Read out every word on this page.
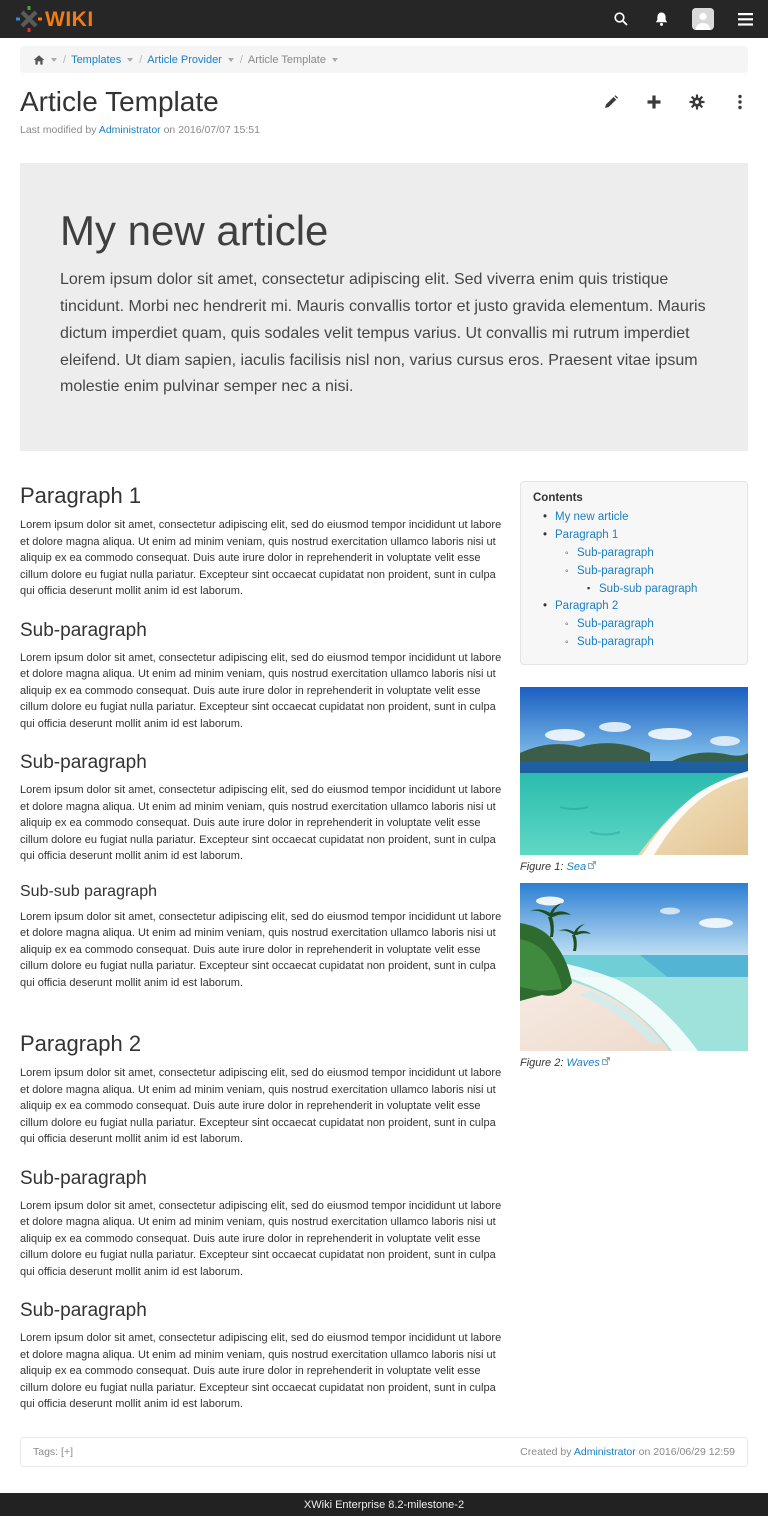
WIKI
/ Templates / Article Provider / Article Template
Article Template
Last modified by Administrator on 2016/07/07 15:51
My new article

Lorem ipsum dolor sit amet, consectetur adipiscing elit. Sed viverra enim quis tristique tincidunt. Morbi nec hendrerit mi. Mauris convallis tortor et justo gravida elementum. Mauris dictum imperdiet quam, quis sodales velit tempus varius. Ut convallis mi rutrum imperdiet eleifend. Ut diam sapien, iaculis facilisis nisl non, varius cursus eros. Praesent vitae ipsum molestie enim pulvinar semper nec a nisi.

Paragraph 1

Lorem ipsum dolor sit amet, consectetur adipiscing elit, sed do eiusmod tempor incididunt ut labore et dolore magna aliqua. Ut enim ad minim veniam, quis nostrud exercitation ullamco laboris nisi ut aliquip ex ea commodo consequat. Duis aute irure dolor in reprehenderit in voluptate velit esse cillum dolore eu fugiat nulla pariatur. Excepteur sint occaecat cupidatat non proident, sunt in culpa qui officia deserunt mollit anim id est laborum.

Sub-paragraph

Lorem ipsum dolor sit amet, consectetur adipiscing elit, sed do eiusmod tempor incididunt ut labore et dolore magna aliqua. Ut enim ad minim veniam, quis nostrud exercitation ullamco laboris nisi ut aliquip ex ea commodo consequat. Duis aute irure dolor in reprehenderit in voluptate velit esse cillum dolore eu fugiat nulla pariatur. Excepteur sint occaecat cupidatat non proident, sunt in culpa qui officia deserunt mollit anim id est laborum.

Sub-paragraph

Lorem ipsum dolor sit amet, consectetur adipiscing elit, sed do eiusmod tempor incididunt ut labore et dolore magna aliqua. Ut enim ad minim veniam, quis nostrud exercitation ullamco laboris nisi ut aliquip ex ea commodo consequat. Duis aute irure dolor in reprehenderit in voluptate velit esse cillum dolore eu fugiat nulla pariatur. Excepteur sint occaecat cupidatat non proident, sunt in culpa qui officia deserunt mollit anim id est laborum.

Sub-sub paragraph

Lorem ipsum dolor sit amet, consectetur adipiscing elit, sed do eiusmod tempor incididunt ut labore et dolore magna aliqua. Ut enim ad minim veniam, quis nostrud exercitation ullamco laboris nisi ut aliquip ex ea commodo consequat. Duis aute irure dolor in reprehenderit in voluptate velit esse cillum dolore eu fugiat nulla pariatur. Excepteur sint occaecat cupidatat non proident, sunt in culpa qui officia deserunt mollit anim id est laborum.

Paragraph 2

Lorem ipsum dolor sit amet, consectetur adipiscing elit, sed do eiusmod tempor incididunt ut labore et dolore magna aliqua. Ut enim ad minim veniam, quis nostrud exercitation ullamco laboris nisi ut aliquip ex ea commodo consequat. Duis aute irure dolor in reprehenderit in voluptate velit esse cillum dolore eu fugiat nulla pariatur. Excepteur sint occaecat cupidatat non proident, sunt in culpa qui officia deserunt mollit anim id est laborum.

Sub-paragraph

Lorem ipsum dolor sit amet, consectetur adipiscing elit, sed do eiusmod tempor incididunt ut labore et dolore magna aliqua. Ut enim ad minim veniam, quis nostrud exercitation ullamco laboris nisi ut aliquip ex ea commodo consequat. Duis aute irure dolor in reprehenderit in voluptate velit esse cillum dolore eu fugiat nulla pariatur. Excepteur sint occaecat cupidatat non proident, sunt in culpa qui officia deserunt mollit anim id est laborum.

Sub-paragraph

Lorem ipsum dolor sit amet, consectetur adipiscing elit, sed do eiusmod tempor incididunt ut labore et dolore magna aliqua. Ut enim ad minim veniam, quis nostrud exercitation ullamco laboris nisi ut aliquip ex ea commodo consequat. Duis aute irure dolor in reprehenderit in voluptate velit esse cillum dolore eu fugiat nulla pariatur. Excepteur sint occaecat cupidatat non proident, sunt in culpa qui officia deserunt mollit anim id est laborum.

Contents

• My new article
• Paragraph 1
◦ Sub-paragraph
◦ Sub-paragraph
▪ Sub-sub paragraph
• Paragraph 2
◦ Sub-paragraph
◦ Sub-paragraph
Figure 1: Sea
Figure 2: Waves
Tags: [+]	Created by Administrator on 2016/06/29 12:59
XWiki Enterprise 8.2-milestone-2
